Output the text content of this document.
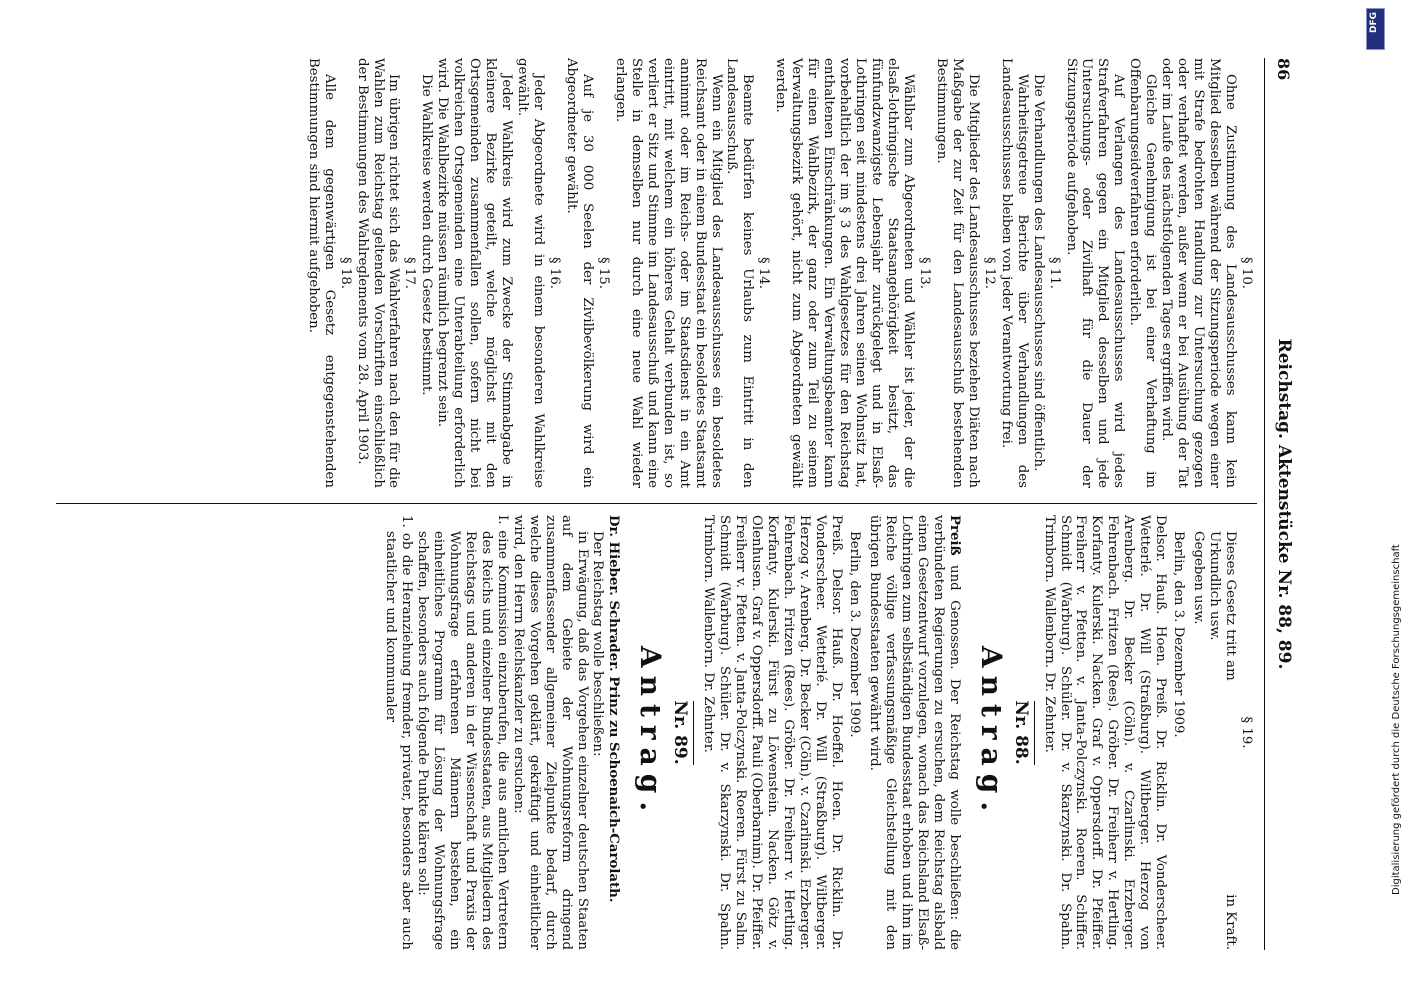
86
Reichstag. Aktenstücke Nr. 88, 89.
§ 10.

Ohne Zustimmung des Landesausschusses kann kein Mitglied desselben während der Sitzungsperiode wegen einer mit Strafe bedrohten Handlung zur Untersuchung gezogen oder verhaftet werden, außer wenn er bei Ausübung der Tat oder im Laufe des nächstfolgenden Tages ergriffen wird.

Gleiche Genehmigung ist bei einer Verhaftung im Offenbarungseidverfahren erforderlich.

Auf Verlangen des Landesausschusses wird jedes Strafverfahren gegen ein Mitglied desselben und jede Untersuchungs- oder Zivilhaft für die Dauer der Sitzungsperiode aufgehoben.

§ 11.

Die Verhandlungen des Landesausschusses sind öffentlich.

Wahrheitsgetreue Berichte über Verhandlungen des Landesausschusses bleiben von jeder Verantwortung frei.

§ 12.

Die Mitglieder des Landesausschusses beziehen Diäten nach Maßgabe der zur Zeit für den Landesausschuß bestehenden Bestimmungen.

§ 13.

Wählbar zum Abgeordneten und Wähler ist jeder, der die elsaß-lothringische Staatsangehörigkeit besitzt, das fünfundzwanzigste Lebensjahr zurückgelegt und in Elsaß-Lothringen seit mindestens drei Jahren seinen Wohnsitz hat, vorbehaltlich der im § 3 des Wahlgesetzes für den Reichstag enthaltenen Einschränkungen. Ein Verwaltungsbeamter kann für einen Wahlbezirk, der ganz oder zum Teil zu seinem Verwaltungsbezirk gehört, nicht zum Abgeordneten gewählt werden.

§ 14.

Beamte bedürfen keines Urlaubs zum Eintritt in den Landesausschuß.

Wenn ein Mitglied des Landesausschusses ein besoldetes Reichsamt oder in einem Bundesstaat ein besoldetes Staatsamt annimmt oder im Reichs- oder im Staatsdienst in ein Amt eintritt, mit welchem ein höheres Gehalt verbunden ist, so verliert er Sitz und Stimme im Landesausschuß und kann eine Stelle in demselben nur durch eine neue Wahl wieder erlangen.

§ 15.

Auf je 30 000 Seelen der Zivilbevölkerung wird ein Abgeordneter gewählt.

§ 16.

Jeder Abgeordnete wird in einem besonderen Wahlkreise gewählt.

Jeder Wahlkreis wird zum Zwecke der Stimmabgabe in kleinere Bezirke geteilt, welche möglichst mit den Ortsgemeinden zusammenfallen sollen, sofern nicht bei volkreichen Ortsgemeinden eine Unterabteilung erforderlich wird. Die Wahlbezirke müssen räumlich begrenzt sein.

Die Wahlkreise werden durch Gesetz bestimmt.

§ 17.

Im übrigen richtet sich das Wahlverfahren nach den für die Wahlen zum Reichstag geltenden Vorschriften einschließlich der Bestimmungen des Wahlreglements vom 28. April 1903.

§ 18.

Alle dem gegenwärtigen Gesetz entgegenstehenden Bestimmungen sind hiermit aufgehoben.

§ 19.

Dieses Gesetz tritt am
in Kraft.

Urkundlich usw.

Gegeben usw.

Berlin, den 3. Dezember 1909.

Delsor. Hauß. Hoen. Preiß. Dr. Ricklin. Dr. Vonderscheer. Wetterlé. Dr. Will (Straßburg). Wiltberger. Herzog von Arenberg. Dr. Becker (Cöln). v. Czarlinski. Erzberger. Fehrenbach. Fritzen (Rees). Gröber. Dr. Freiherr v. Hertling. Korfanty. Kulerski. Nacken. Graf v. Oppersdorff. Dr. Pfeiffer. Freiherr v. Pfetten. v. Janta-Polczynski. Roeren. Schiffer. Schmidt (Warburg). Schüler. Dr. v. Skarzynski. Dr. Spahn. Trimborn. Wallenborn. Dr. Zehnter.

Nr. 88.
Antrag.

Preiß und Genossen. Der Reichstag wolle beschließen: die verbündeten Regierungen zu ersuchen, dem Reichstag alsbald einen Gesetzentwurf vorzulegen, wonach das Reichsland Elsaß-Lothringen zum selbständigen Bundesstaat erhoben und ihm im Reiche völlige verfassungsmäßige Gleichstellung mit den übrigen Bundesstaaten gewährt wird.

Berlin, den 3. Dezember 1909.

Preiß. Delsor. Hauß. Dr. Hoeffel. Hoen. Dr. Ricklin. Dr. Vonderscheer. Wetterlé. Dr. Will (Straßburg). Wiltberger. Herzog v. Arenberg. Dr. Becker (Cöln). v. Czarlinski. Erzberger. Fehrenbach. Fritzen (Rees). Gröber. Dr. Freiherr v. Hertling. Korfanty. Kulerski. Fürst zu Löwenstein. Nacken. Götz v. Olenhusen. Graf v. Oppersdorff. Pauli (Oberbarnim). Dr. Pfeiffer. Freiherr v. Pfetten. v. Janta-Polczynski. Roeren. Fürst zu Salm. Schmidt (Warburg). Schüler. Dr. v. Skarzynski. Dr. Spahn. Trimborn. Wallenborn. Dr. Zehnter.

Nr. 89.
Antrag.

Dr. Hieber. Schrader. Prinz zu Schoenaich-Carolath.

Der Reichstag wolle beschließen:

in Erwägung, daß das Vorgehen einzelner deutschen Staaten auf dem Gebiete der Wohnungsreform dringend zusammenfassender allgemeiner Zielpunkte bedarf, durch welche dieses Vorgehen geklärt, gekräftigt und einheitlicher wird, den Herrn Reichskanzler zu ersuchen:

I. eine Kommission einzuberufen, die aus amtlichen Vertretern des Reichs und einzelner Bundesstaaten, aus Mitgliedern des Reichstags und anderen in der Wissenschaft und Praxis der Wohnungsfrage erfahrenen Männern bestehen, ein einheitliches Programm für Lösung der Wohnungsfrage schaffen, besonders auch folgende Punkte klären soll:

1. ob die Heranziehung fremder, privater, besonders aber auch staatlicher und kommunaler	Digitalisierung gefördert durch die Deutsche Forschungsgemeinschaft
DFG
